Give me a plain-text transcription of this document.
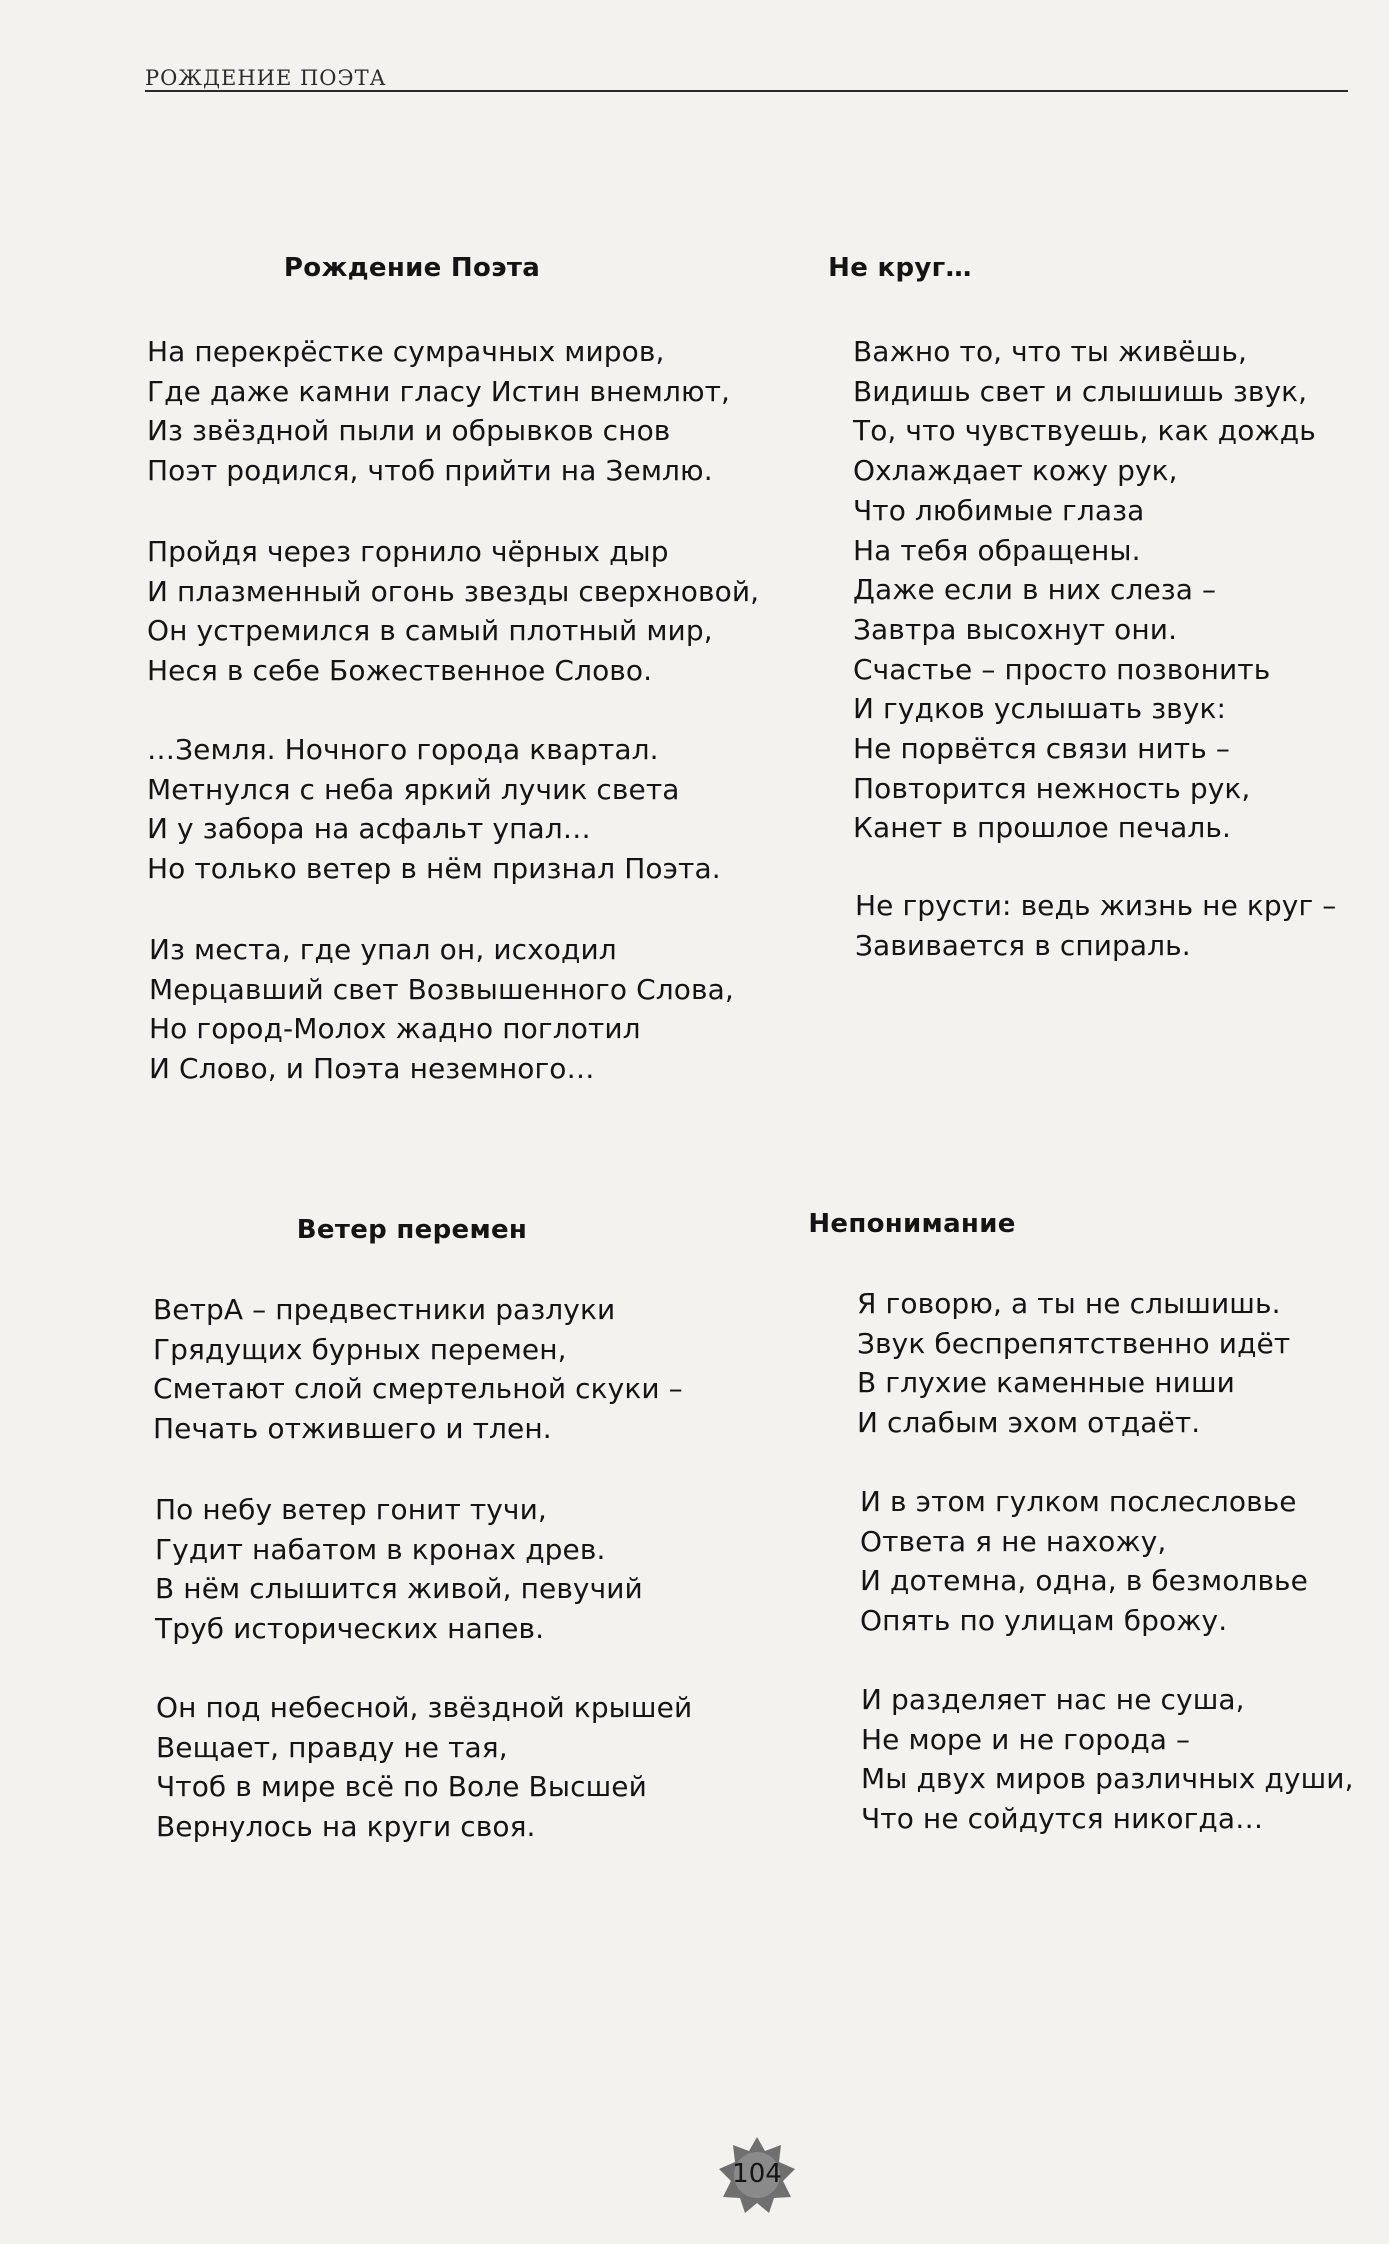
РОЖДЕНИЕ ПОЭТА
Рождение Поэта
На перекрёстке сумрачных миров,
Где даже камни гласу Истин внемлют,
Из звёздной пыли и обрывков снов
Поэт родился, чтоб прийти на Землю.
Пройдя через горнило чёрных дыр
И плазменный огонь звезды сверхновой,
Он устремился в самый плотный мир,
Неся в себе Божественное Слово.
…Земля. Ночного города квартал.
Метнулся с неба яркий лучик света
И у забора на асфальт упал…
Но только ветер в нём признал Поэта.
Из места, где упал он, исходил
Мерцавший свет Возвышенного Слова,
Но город-Молох жадно поглотил
И Слово, и Поэта неземного…
Не круг…
Важно то, что ты живёшь,
Видишь свет и слышишь звук,
То, что чувствуешь, как дождь
Охлаждает кожу рук,
Что любимые глаза
На тебя обращены.
Даже если в них слеза –
Завтра высохнут они.
Счастье – просто позвонить
И гудков услышать звук:
Не порвётся связи нить –
Повторится нежность рук,
Канет в прошлое печаль.
Не грусти: ведь жизнь не круг –
Завивается в спираль.
Ветер перемен
ВетрА – предвестники разлуки
Грядущих бурных перемен,
Сметают слой смертельной скуки –
Печать отжившего и тлен.
По небу ветер гонит тучи,
Гудит набатом в кронах древ.
В нём слышится живой, певучий
Труб исторических напев.
Он под небесной, звёздной крышей
Вещает, правду не тая,
Чтоб в мире всё по Воле Высшей
Вернулось на круги своя.
Непонимание
Я говорю, а ты не слышишь.
Звук беспрепятственно идёт
В глухие каменные ниши
И слабым эхом отдаёт.
И в этом гулком послесловье
Ответа я не нахожу,
И дотемна, одна, в безмолвье
Опять по улицам брожу.
И разделяет нас не суша,
Не море и не города –
Мы двух миров различных души,
Что не сойдутся никогда…
104
